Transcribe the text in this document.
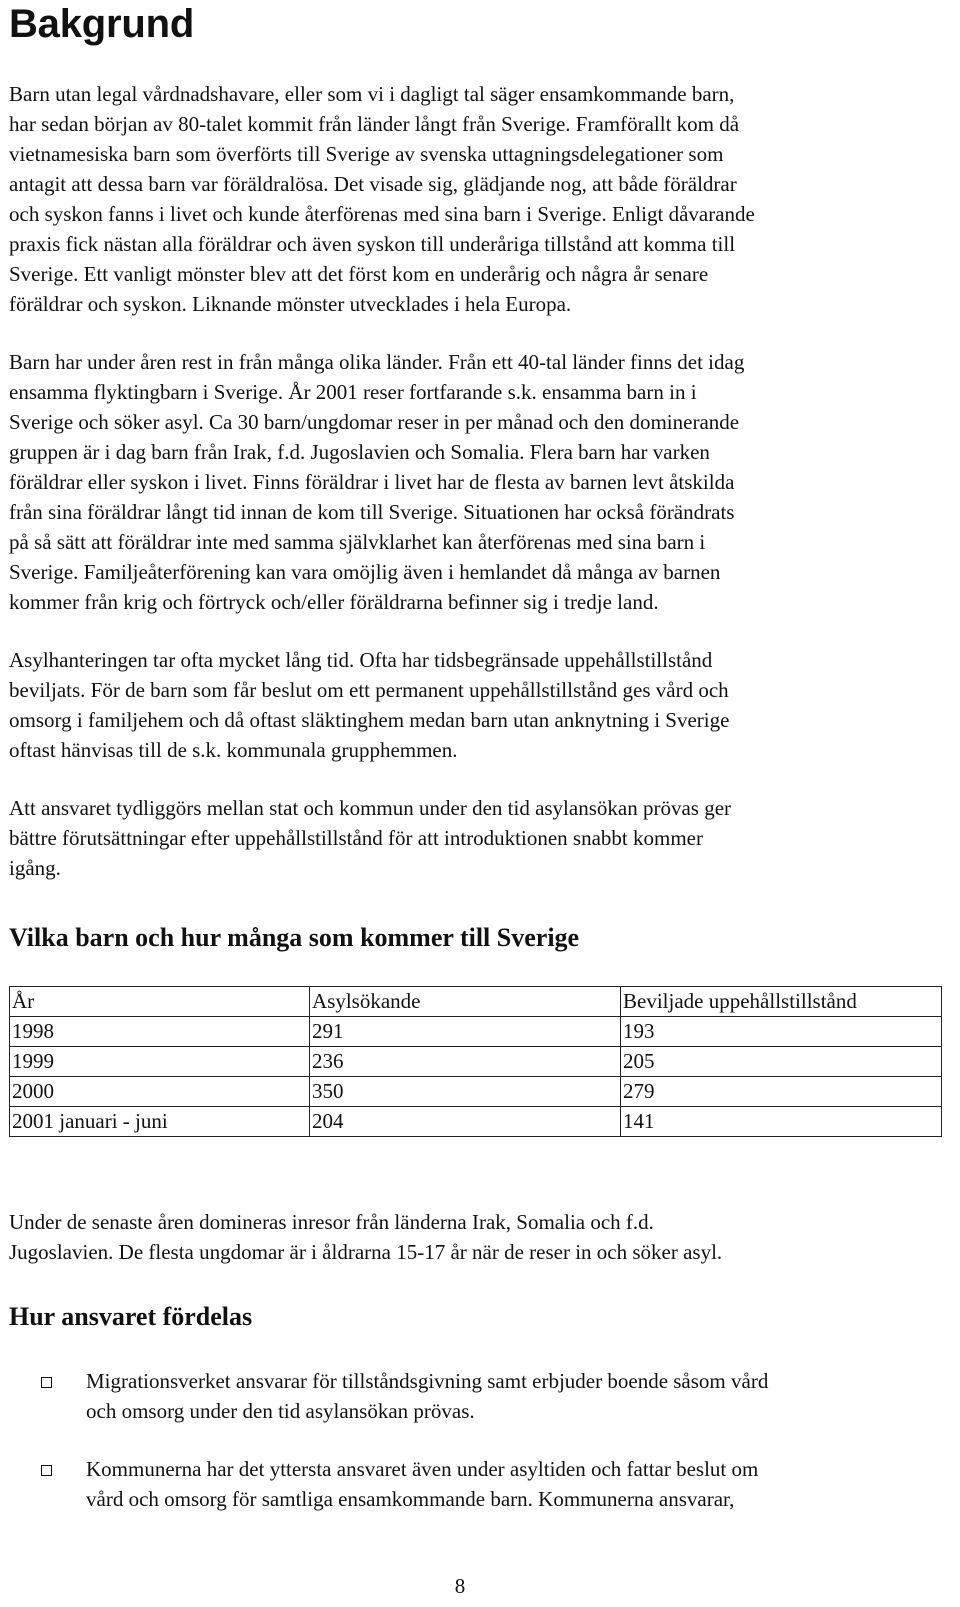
Bakgrund

Barn utan legal vårdnadshavare, eller som vi i dagligt tal säger ensamkommande barn,
har sedan början av 80-talet kommit från länder långt från Sverige. Framförallt kom då
vietnamesiska barn som överförts till Sverige av svenska uttagningsdelegationer som
antagit att dessa barn var föräldralösa. Det visade sig, glädjande nog, att både föräldrar
och syskon fanns i livet och kunde återförenas med sina barn i Sverige. Enligt dåvarande
praxis fick nästan alla föräldrar och även syskon till underåriga tillstånd att komma till
Sverige. Ett vanligt mönster blev att det först kom en underårig och några år senare
föräldrar och syskon. Liknande mönster utvecklades i hela Europa.

Barn har under åren rest in från många olika länder. Från ett 40-tal länder finns det idag
ensamma flyktingbarn i Sverige. År 2001 reser fortfarande s.k. ensamma barn in i
Sverige och söker asyl. Ca 30 barn/ungdomar reser in per månad och den dominerande
gruppen är i dag barn från Irak, f.d. Jugoslavien och Somalia. Flera barn har varken
föräldrar eller syskon i livet. Finns föräldrar i livet har de flesta av barnen levt åtskilda
från sina föräldrar långt tid innan de kom till Sverige. Situationen har också förändrats
på så sätt att föräldrar inte med samma självklarhet kan återförenas med sina barn i
Sverige. Familjeåterförening kan vara omöjlig även i hemlandet då många av barnen
kommer från krig och förtryck och/eller föräldrarna befinner sig i tredje land.

Asylhanteringen tar ofta mycket lång tid. Ofta har tidsbegränsade uppehållstillstånd
beviljats. För de barn som får beslut om ett permanent uppehållstillstånd ges vård och
omsorg i familjehem och då oftast släktinghem medan barn utan anknytning i Sverige
oftast hänvisas till de s.k. kommunala grupphemmen.

Att ansvaret tydliggörs mellan stat och kommun under den tid asylansökan prövas ger
bättre förutsättningar efter uppehållstillstånd för att introduktionen snabbt kommer
igång.

Vilka barn och hur många som kommer till Sverige
År	Asylsökande	Beviljade uppehållstillstånd
1998	291	193
1999	236	205
2000	350	279
2001 januari - juni	204	141

Under de senaste åren domineras inresor från länderna Irak, Somalia och f.d.
Jugoslavien. De flesta ungdomar är i åldrarna 15-17 år när de reser in och söker asyl.

Hur ansvaret fördelas
Migrationsverket ansvarar för tillståndsgivning samt erbjuder boende såsom vård
och omsorg under den tid asylansökan prövas.
Kommunerna har det yttersta ansvaret även under asyltiden och fattar beslut om
vård och omsorg för samtliga ensamkommande barn. Kommunerna ansvarar,
8
